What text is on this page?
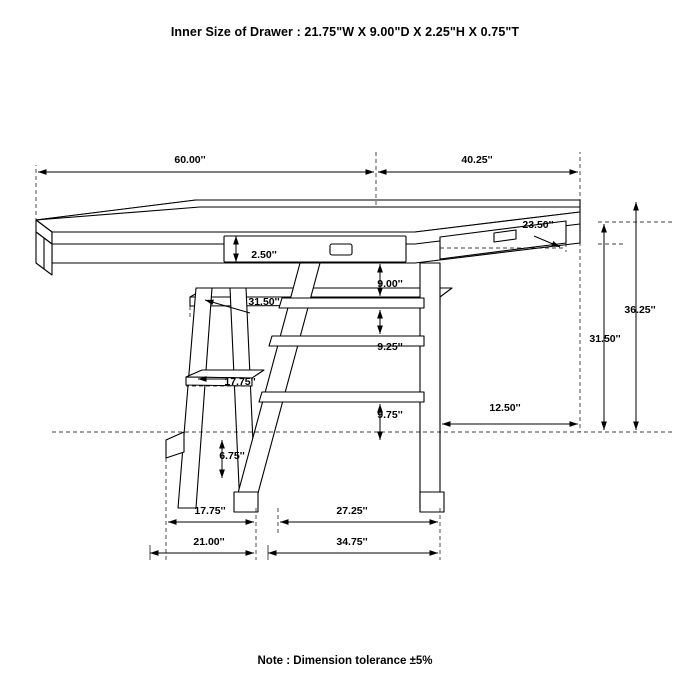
Inner Size of Drawer : 21.75"W X 9.00"D X 2.25"H X 0.75"T
60.00''	40.25''
23.50''
2.50''
31.50''
9.00''
9.25''
17.75''
9.75''
12.50''
6.75''
31.50''
36.25''
17.75''	27.25''
21.00''	34.75''
Note : Dimension tolerance ±5%
